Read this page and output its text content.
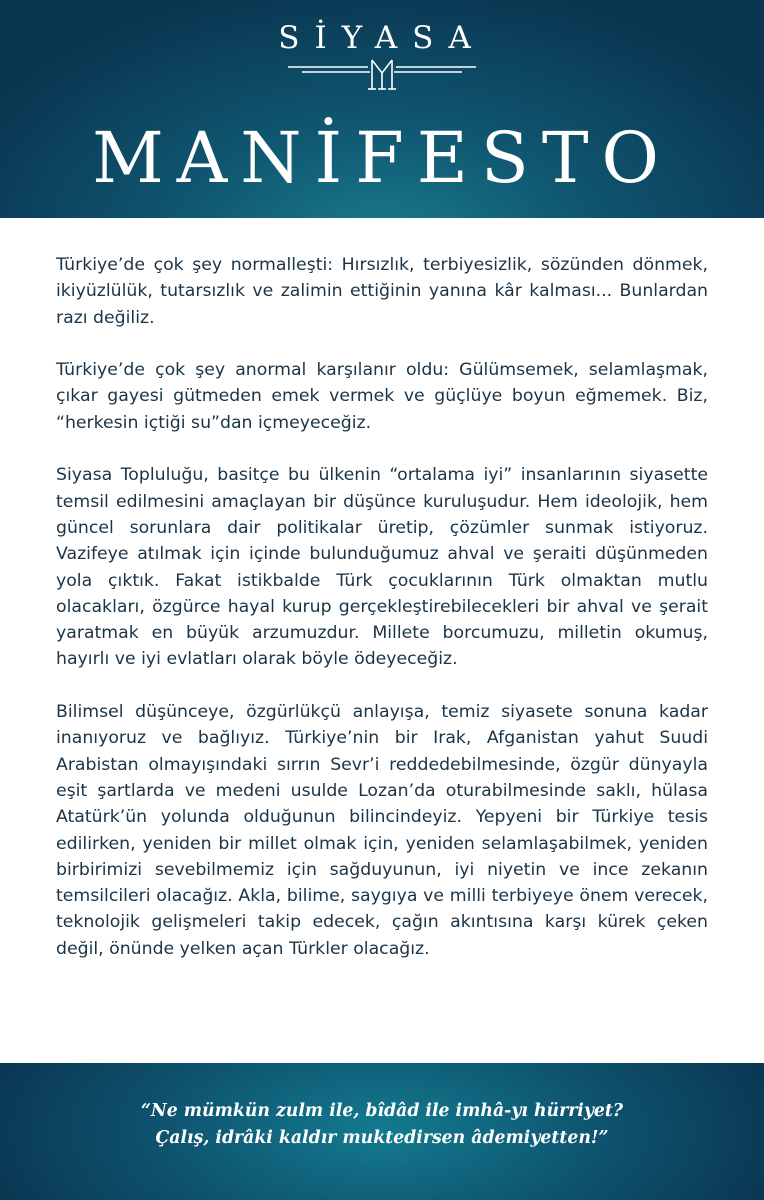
SİYASA
MANİFESTO

Türkiye’de çok şey normalleşti: Hırsızlık, terbiyesizlik, sözünden dönmek, ikiyüzlülük, tutarsızlık ve zalimin ettiğinin yanına kâr kalması... Bunlardan razı değiliz.

Türkiye’de çok şey anormal karşılanır oldu: Gülümsemek, selamlaşmak, çıkar gayesi gütmeden emek vermek ve güçlüye boyun eğmemek. Biz, “herkesin içtiği su”dan içmeyeceğiz.

Siyasa Topluluğu, basitçe bu ülkenin “ortalama iyi” insanlarının siyasette temsil edilmesini amaçlayan bir düşünce kuruluşudur. Hem ideolojik, hem güncel sorunlara dair politikalar üretip, çözümler sunmak istiyoruz. Vazifeye atılmak için içinde bulunduğumuz ahval ve şeraiti düşünmeden yola çıktık. Fakat istikbalde Türk çocuklarının Türk olmaktan mutlu olacakları, özgürce hayal kurup gerçekleştirebilecekleri bir ahval ve şerait yaratmak en büyük arzumuzdur. Millete borcumuzu, milletin okumuş, hayırlı ve iyi evlatları olarak böyle ödeyeceğiz.

Bilimsel düşünceye, özgürlükçü anlayışa, temiz siyasete sonuna kadar inanıyoruz ve bağlıyız. Türkiye’nin bir Irak, Afganistan yahut Suudi Arabistan olmayışındaki sırrın Sevr’i reddedebilmesinde, özgür dünyayla eşit şartlarda ve medeni usulde Lozan’da oturabilmesinde saklı, hülasa Atatürk’ün yolunda olduğunun bilincindeyiz. Yepyeni bir Türkiye tesis edilirken, yeniden bir millet olmak için, yeniden selamlaşabilmek, yeniden birbirimizi sevebilmemiz için sağduyunun, iyi niyetin ve ince zekanın temsilcileri olacağız. Akla, bilime, saygıya ve milli terbiyeye önem verecek, teknolojik gelişmeleri takip edecek, çağın akıntısına karşı kürek çeken değil, önünde yelken açan Türkler olacağız.

“Ne mümkün zulm ile, bîdâd ile imhâ-yı hürriyet?
Çalış, idrâki kaldır muktedirsen âdemiyetten!”
